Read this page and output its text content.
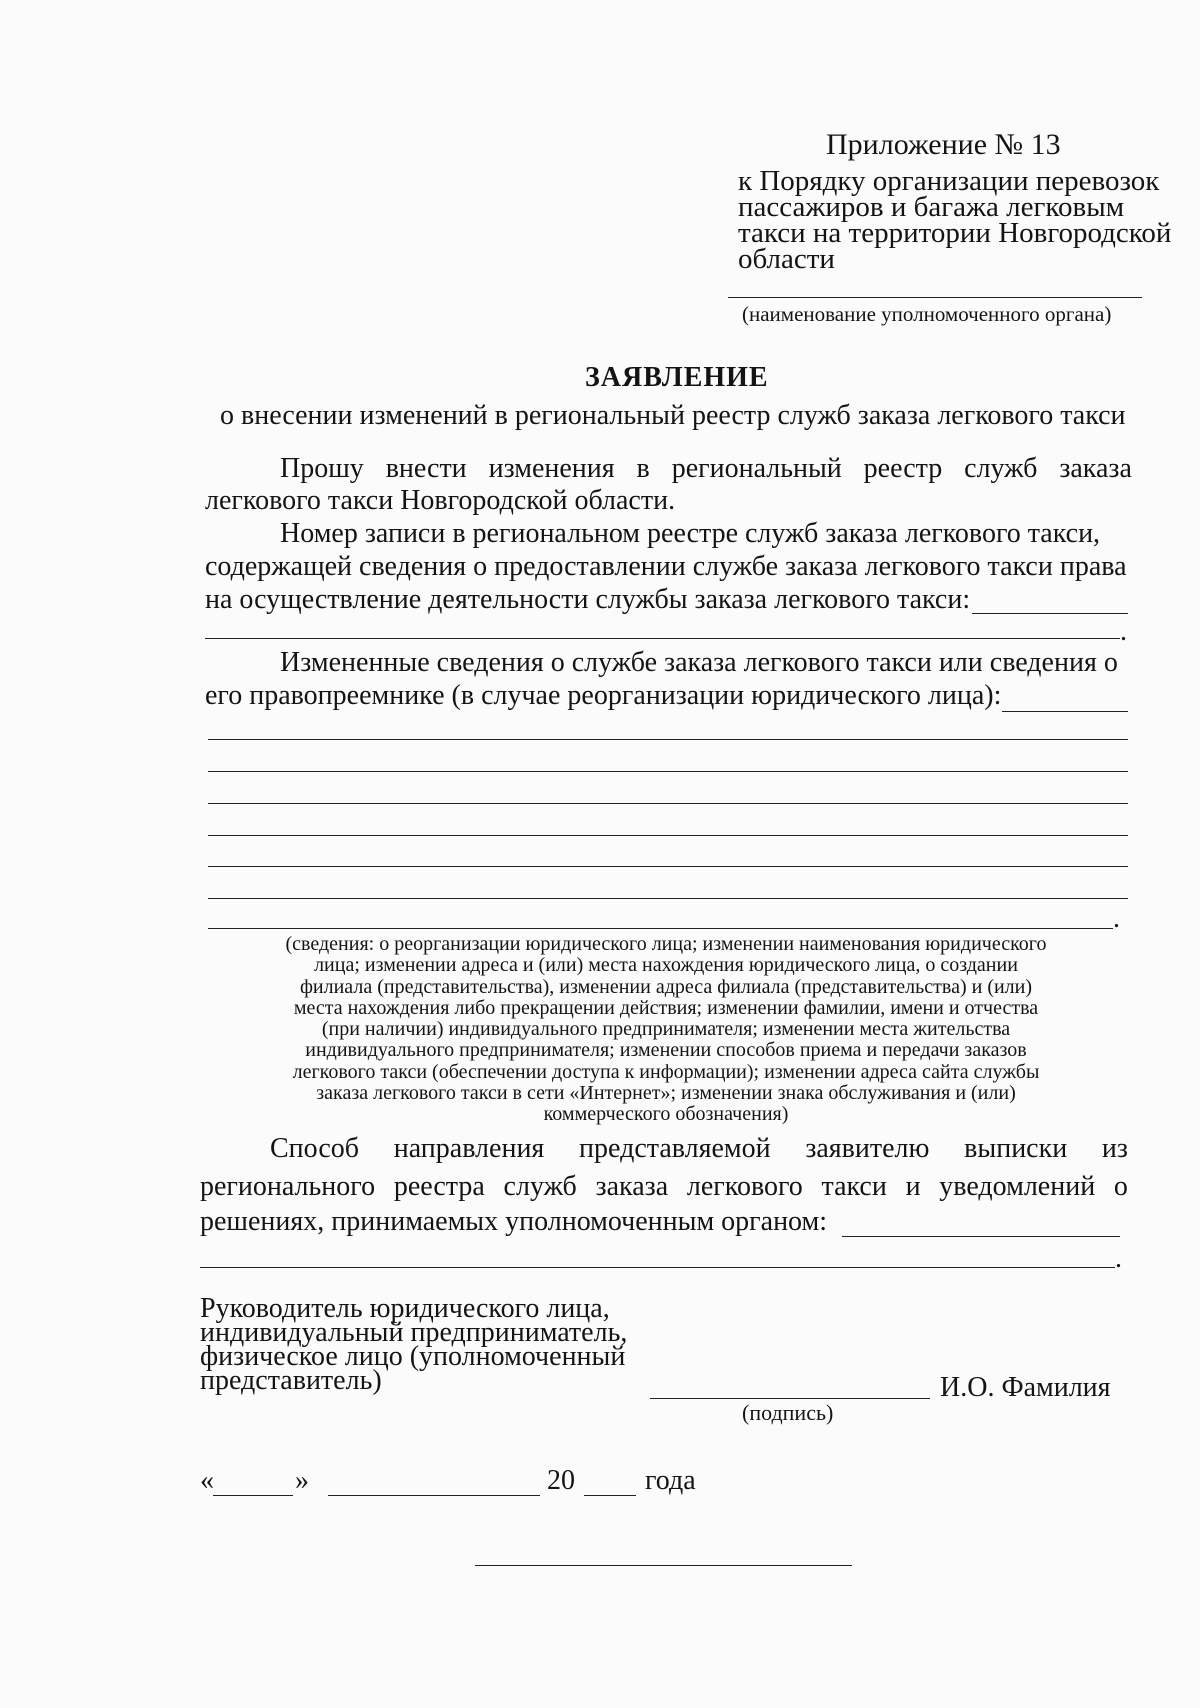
Приложение № 13
к Порядку организации перевозок
пассажиров и багажа легковым
такси на территории Новгородской
области
(наименование уполномоченного органа)
ЗАЯВЛЕНИЕ
о внесении изменений в региональный реестр служб заказа легкового такси
Прошу внести изменения в региональный реестр служб заказа
легкового такси Новгородской области.
Номер записи в региональном реестре служб заказа легкового такси,
содержащей сведения о предоставлении службе заказа легкового такси права
на осуществление деятельности службы заказа легкового такси:
.
Измененные сведения о службе заказа легкового такси или сведения о
его правопреемнике (в случае реорганизации юридического лица):
.
(сведения: о реорганизации юридического лица; изменении наименования юридического
лица; изменении адреса и (или) места нахождения юридического лица, о создании
филиала (представительства), изменении адреса филиала (представительства) и (или)
места нахождения либо прекращении действия; изменении фамилии, имени и отчества
(при наличии) индивидуального предпринимателя; изменении места жительства
индивидуального предпринимателя; изменении способов приема и передачи заказов
легкового такси (обеспечении доступа к информации); изменении адреса сайта службы
заказа легкового такси в сети «Интернет»; изменении знака обслуживания и (или)
коммерческого обозначения)
Способ направления представляемой заявителю выписки из
регионального реестра служб заказа легкового такси и уведомлений о
решениях, принимаемых уполномоченным органом:
.
Руководитель юридического лица,
индивидуальный предприниматель,
физическое лицо (уполномоченный
представитель)	И.О. Фамилия
(подпись)
«	»	20	года
